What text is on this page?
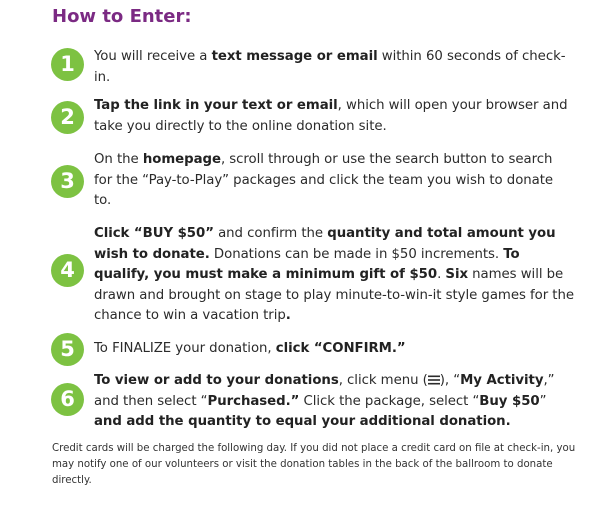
How to Enter:
1	You will receive a text message or email within 60 seconds of check-in.
2	Tap the link in your text or email, which will open your browser and take you directly to the online donation site.
3
On the homepage, scroll through or use the search button to search for the “Pay-to-Play” packages and click the team you wish to donate to.
4
Click “BUY $50” and confirm the quantity and total amount you wish to donate. Donations can be made in $50 increments. To qualify, you must make a minimum gift of $50. Six names will be drawn and brought on stage to play minute-to-win-it style games for the chance to win a vacation trip.
5	To FINALIZE your donation, click “CONFIRM.”
6
To view or add to your donations, click menu ( ), “My Activity,” and then select “Purchased.” Click the package, select “Buy $50” and add the quantity to equal your additional donation.

Credit cards will be charged the following day. If you did not place a credit card on file at check-in, you may notify one of our volunteers or visit the donation tables in the back of the ballroom to donate directly.
